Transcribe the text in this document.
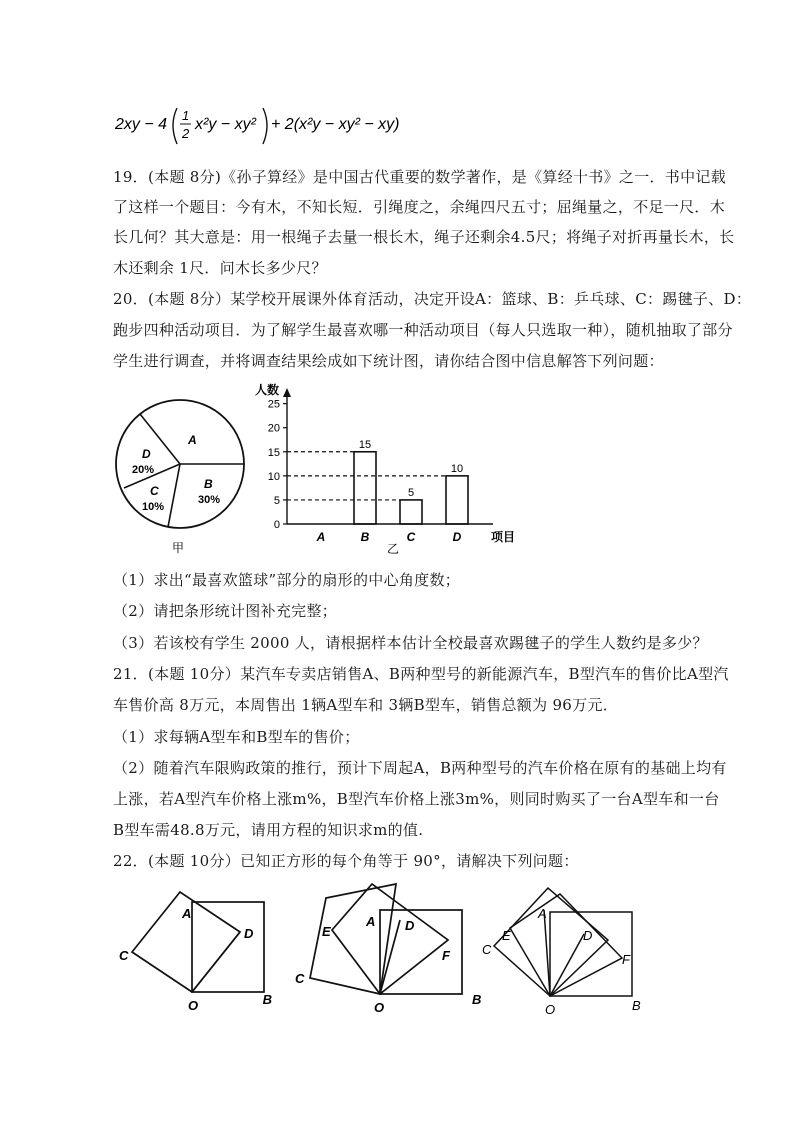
2xy − 4
1
2
x²y − xy² + 2(x²y − xy² − xy)
19．(本题 8分)《孙子算经》是中国古代重要的数学著作，是《算经十书》之一．书中记载
了这样一个题目：今有木，不知长短．引绳度之，余绳四尺五寸；屈绳量之，不足一尺．木
长几何？其大意是：用一根绳子去量一根长木，绳子还剩余4.5尺；将绳子对折再量长木，长
木还剩余 1尺．问木长多少尺？
20．(本题 8分）某学校开展课外体育活动，决定开设A：篮球、B：乒乓球、C：踢毽子、D：
跑步四种活动项目．为了解学生最喜欢哪一种活动项目（每人只选取一种），随机抽取了部分
学生进行调查，并将调查结果绘成如下统计图，请你结合图中信息解答下列问题：
A
D
20%
B
30%
C
10%
甲
人数
项目
乙
0
5
10
15
20
25
15
5
10
A	B	C	D
（1）求出“最喜欢篮球”部分的扇形的中心角度数；
（2）请把条形统计图补充完整；
（3）若该校有学生 2000 人，请根据样本估计全校最喜欢踢毽子的学生人数约是多少？
21．(本题 10分）某汽车专卖店销售A、B两种型号的新能源汽车，B型汽车的售价比A型汽
车售价高 8万元，本周售出 1辆A型车和 3辆B型车，销售总额为 96万元．
（1）求每辆A型车和B型车的售价；
（2）随着汽车限购政策的推行，预计下周起A，B两种型号的汽车价格在原有的基础上均有
上涨，若A型汽车价格上涨m%，B型汽车价格上涨3m%，则同时购买了一台A型车和一台
B型车需48.8万元，请用方程的知识求m的值.
22．(本题 10分）已知正方形的每个角等于 90°，请解决下列问题：
A
C
D
O	B
E
A D
F
C
O
B
C
E
A
D
F
O	B
